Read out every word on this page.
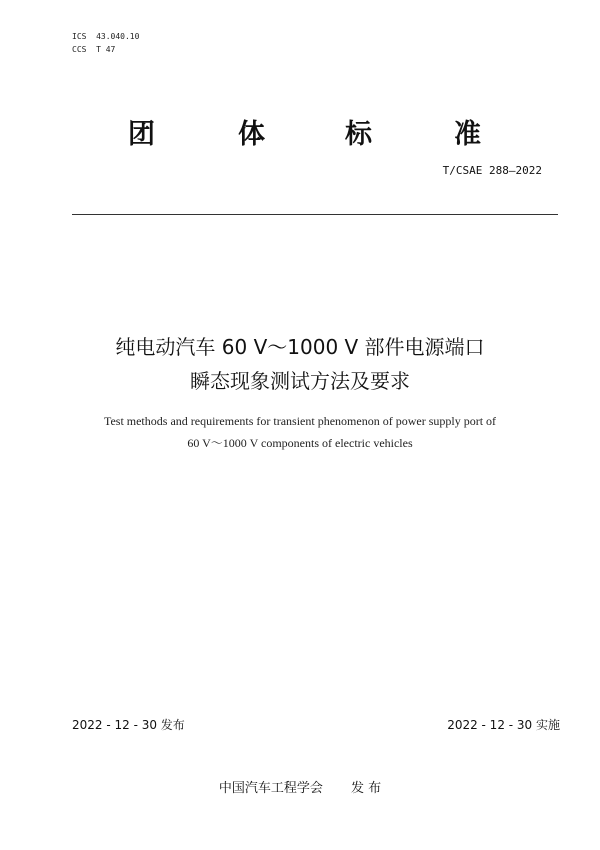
ICS  43.040.10
CCS  T 47
团	体	标	准
T/CSAE 288—2022
纯电动汽车 60 V～1000 V 部件电源端口
瞬态现象测试方法及要求
Test methods and requirements for transient phenomenon of power supply port of
60 V～1000 V components of electric vehicles
2022 - 12 - 30 发布	2022 - 12 - 30 实施
中国汽车工程学会 发 布
